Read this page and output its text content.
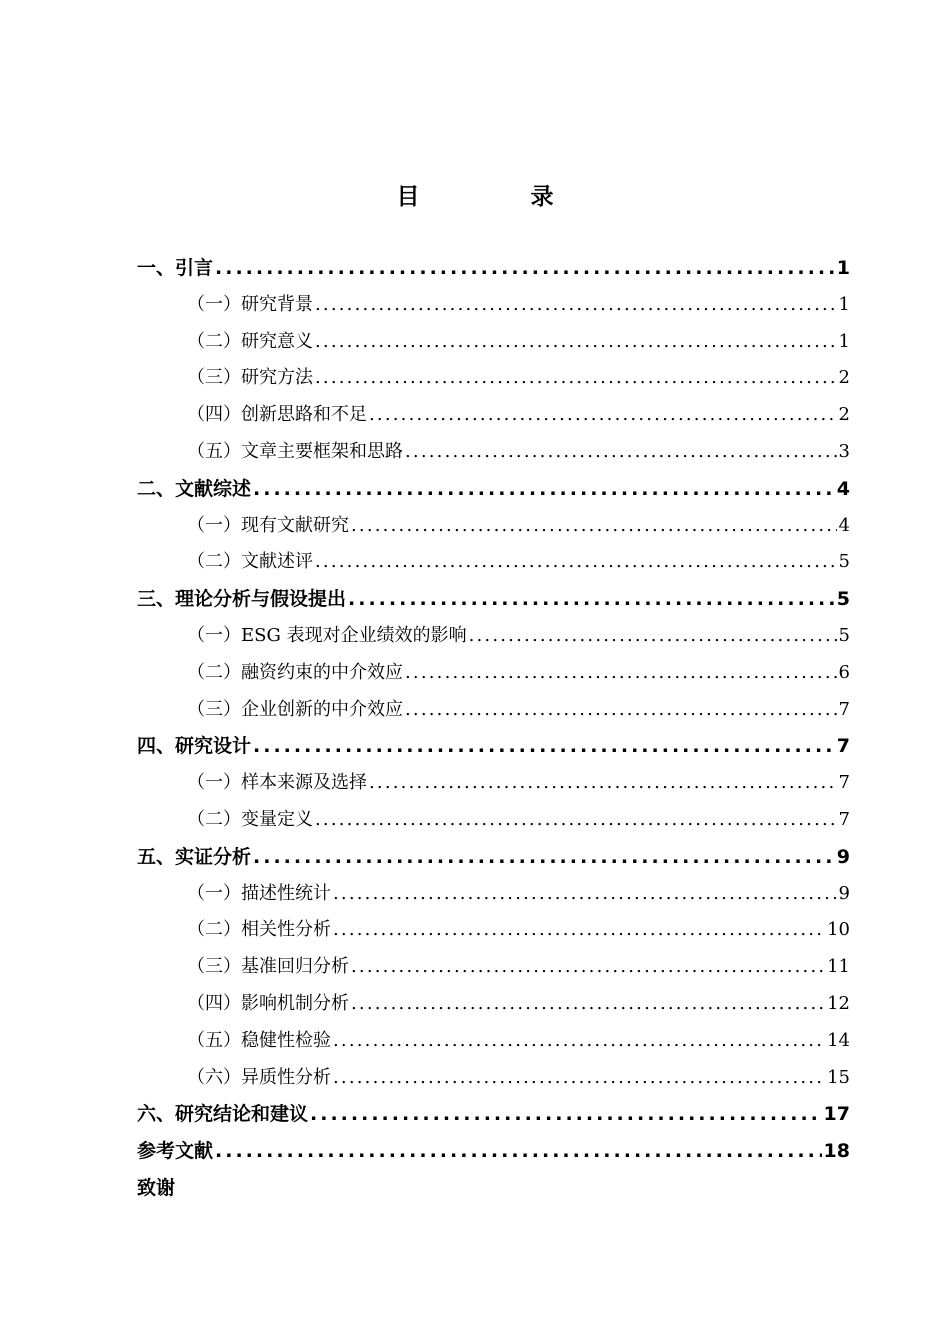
目　录
一、引言 .....	1
（一）研究背景 .....	1
（二）研究意义 .....	1
（三）研究方法 .....	2
（四）创新思路和不足 .....	2
（五）文章主要框架和思路 .....	3
二、文献综述 .....	4
（一）现有文献研究 .....	4
（二）文献述评 .....	5
三、理论分析与假设提出 .....	5
（一）ESG 表现对企业绩效的影响 .....	5
（二）融资约束的中介效应 .....	6
（三）企业创新的中介效应 .....	7
四、研究设计 .....	7
（一）样本来源及选择 .....	7
（二）变量定义 .....	7
五、实证分析 .....	9
（一）描述性统计 .....	9
（二）相关性分析 .....	10
（三）基准回归分析 .....	11
（四）影响机制分析 .....	12
（五）稳健性检验 .....	14
（六）异质性分析 .....	15
六、研究结论和建议 .....	17
参考文献 .....	18
致谢
